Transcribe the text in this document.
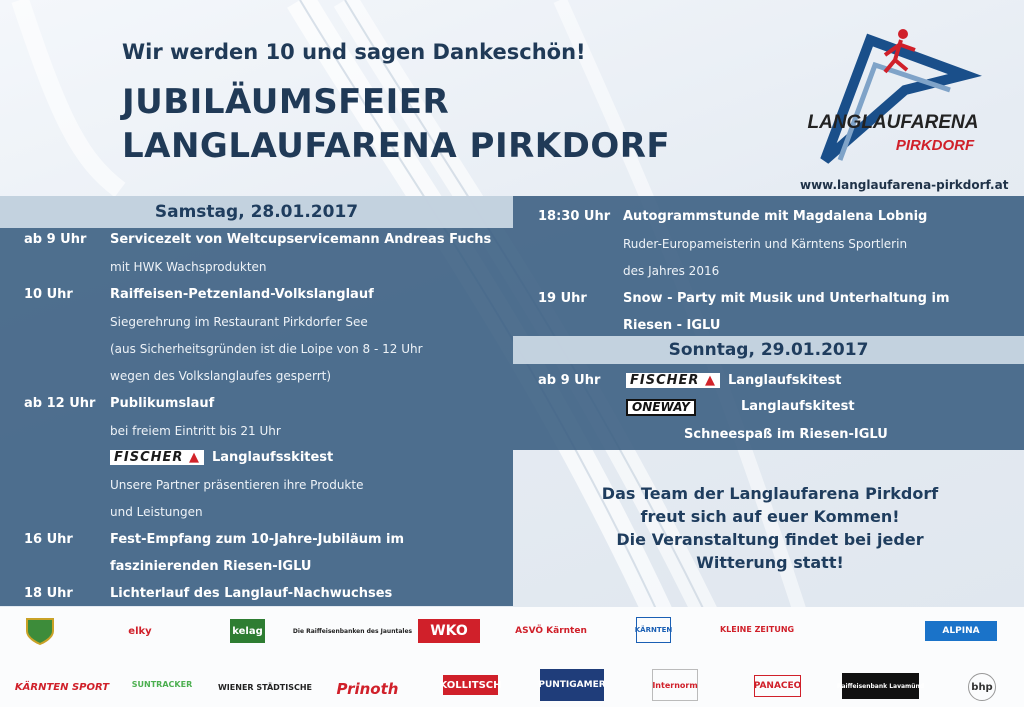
Wir werden 10 und sagen Dankeschön!
JUBILÄUMSFEIER
LANGLAUFARENA PIRKDORF
LANGLAUFARENA
PIRKDORF
www.langlaufarena-pirkdorf.at
Samstag, 28.01.2017
ab 9 Uhr Servicezelt von Weltcupservicemann Andreas Fuchs
mit HWK Wachsprodukten
10 Uhr	Raiffeisen-Petzenland-Volkslanglauf
Siegerehrung im Restaurant Pirkdorfer See
(aus Sicherheitsgründen ist die Loipe von 8 - 12 Uhr
wegen des Volkslanglaufes gesperrt)
ab 12 Uhr Publikumslauf
bei freiem Eintritt bis 21 Uhr
FISCHER ▲ Langlaufsskitest
Unsere Partner präsentieren ihre Produkte
und Leistungen
16 Uhr	Fest-Empfang zum 10-Jahre-Jubiläum im
faszinierenden Riesen-IGLU
18 Uhr	Lichterlauf des Langlauf-Nachwuchses
18:30 Uhr Autogrammstunde mit Magdalena Lobnig
Ruder-Europameisterin und Kärntens Sportlerin
des Jahres 2016
19 Uhr	Snow - Party mit Musik und Unterhaltung im
Riesen - IGLU
Sonntag, 29.01.2017
ab 9 Uhr	FISCHER ▲ Langlaufskitest
ONEWAY	Langlaufskitest
Schneespaß im Riesen-IGLU
Das Team der Langlaufarena Pirkdorf
freut sich auf euer Kommen!
Die Veranstaltung findet bei jeder
Witterung statt!
elky	kelag	Die Raiffeisenbanken des Jauntales	WKO	ASVÖ Kärnten	KÄRNTEN	KLEINE ZEITUNG	ALPINA
KÄRNTEN SPORT	SUNTRACKER	WIENER STÄDTISCHE	Prinoth	KOLLITSCH	PUNTIGAMER	Internorm	PANACEO	Raiffeisenbank Lavamünd	bhp
